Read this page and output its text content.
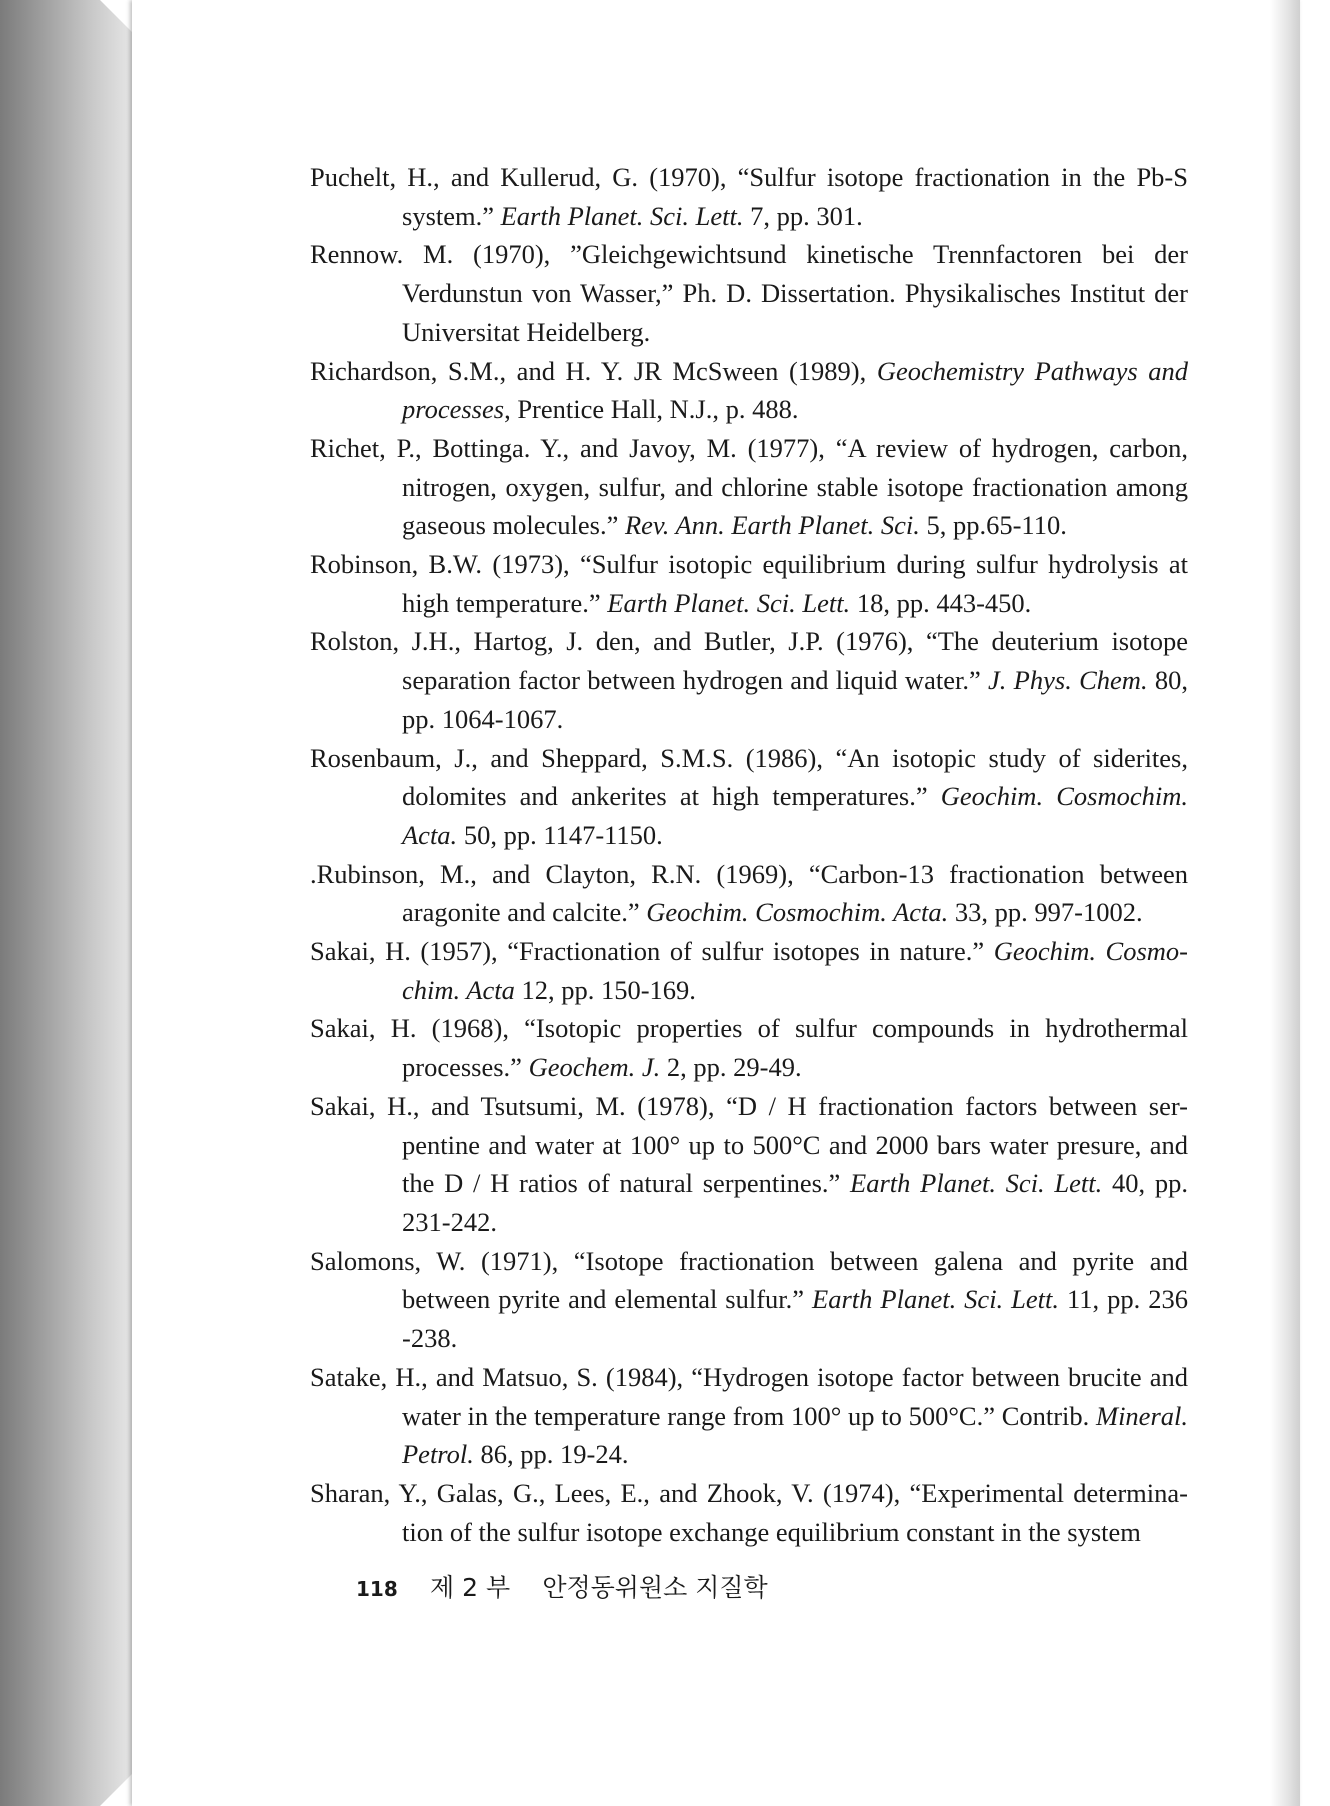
Puchelt, H., and Kullerud, G. (1970), “Sulfur isotope fractionation in the Pb-S system.” Earth Planet. Sci. Lett. 7, pp. 301.

Rennow. M. (1970), ”Gleichgewichtsund kinetische Trennfactoren bei der Verdunstun von Wasser,” Ph. D. Dissertation. Physikalisches Institut der Universitat Heidelberg.

Richardson, S.M., and H. Y. JR McSween (1989), Geochemistry Pathways and processes, Prentice Hall, N.J., p. 488.

Richet, P., Bottinga. Y., and Javoy, M. (1977), “A review of hydrogen, carbon, nitrogen, oxygen, sulfur, and chlorine stable isotope fractionation among gaseous molecules.” Rev. Ann. Earth Planet. Sci. 5, pp.65-110.

Robinson, B.W. (1973), “Sulfur isotopic equilibrium during sulfur hydrolysis at high temperature.” Earth Planet. Sci. Lett. 18, pp. 443-450.

Rolston, J.H., Hartog, J. den, and Butler, J.P. (1976), “The deuterium isotope separation factor between hydrogen and liquid water.” J. Phys. Chem. 80, pp. 1064-1067.

Rosenbaum, J., and Sheppard, S.M.S. (1986), “An isotopic study of siderites, dolomites and ankerites at high temperatures.” Geochim. Cosmochim. Acta. 50, pp. 1147-1150.

.Rubinson, M., and Clayton, R.N. (1969), “Carbon-13 fractionation between aragonite and calcite.” Geochim. Cosmochim. Acta. 33, pp. 997-1002.

Sakai, H. (1957), “Fractionation of sulfur isotopes in nature.” Geochim. Cosmo-chim. Acta 12, pp. 150-169.

Sakai, H. (1968), “Isotopic properties of sulfur compounds in hydrothermal processes.” Geochem. J. 2, pp. 29-49.

Sakai, H., and Tsutsumi, M. (1978), “D / H fractionation factors between ser-pentine and water at 100° up to 500°C and 2000 bars water presure, and the D / H ratios of natural serpentines.” Earth Planet. Sci. Lett. 40, pp. 231-242.

Salomons, W. (1971), “Isotope fractionation between galena and pyrite and between pyrite and elemental sulfur.” Earth Planet. Sci. Lett. 11, pp. 236 -238.

Satake, H., and Matsuo, S. (1984), “Hydrogen isotope factor between brucite and water in the temperature range from 100° up to 500°C.” Contrib. Mineral. Petrol. 86, pp. 19-24.

Sharan, Y., Galas, G., Lees, E., and Zhook, V. (1974), “Experimental determina-tion of the sulfur isotope exchange equilibrium constant in the system

118 제 2 부 안정동위원소 지질학
